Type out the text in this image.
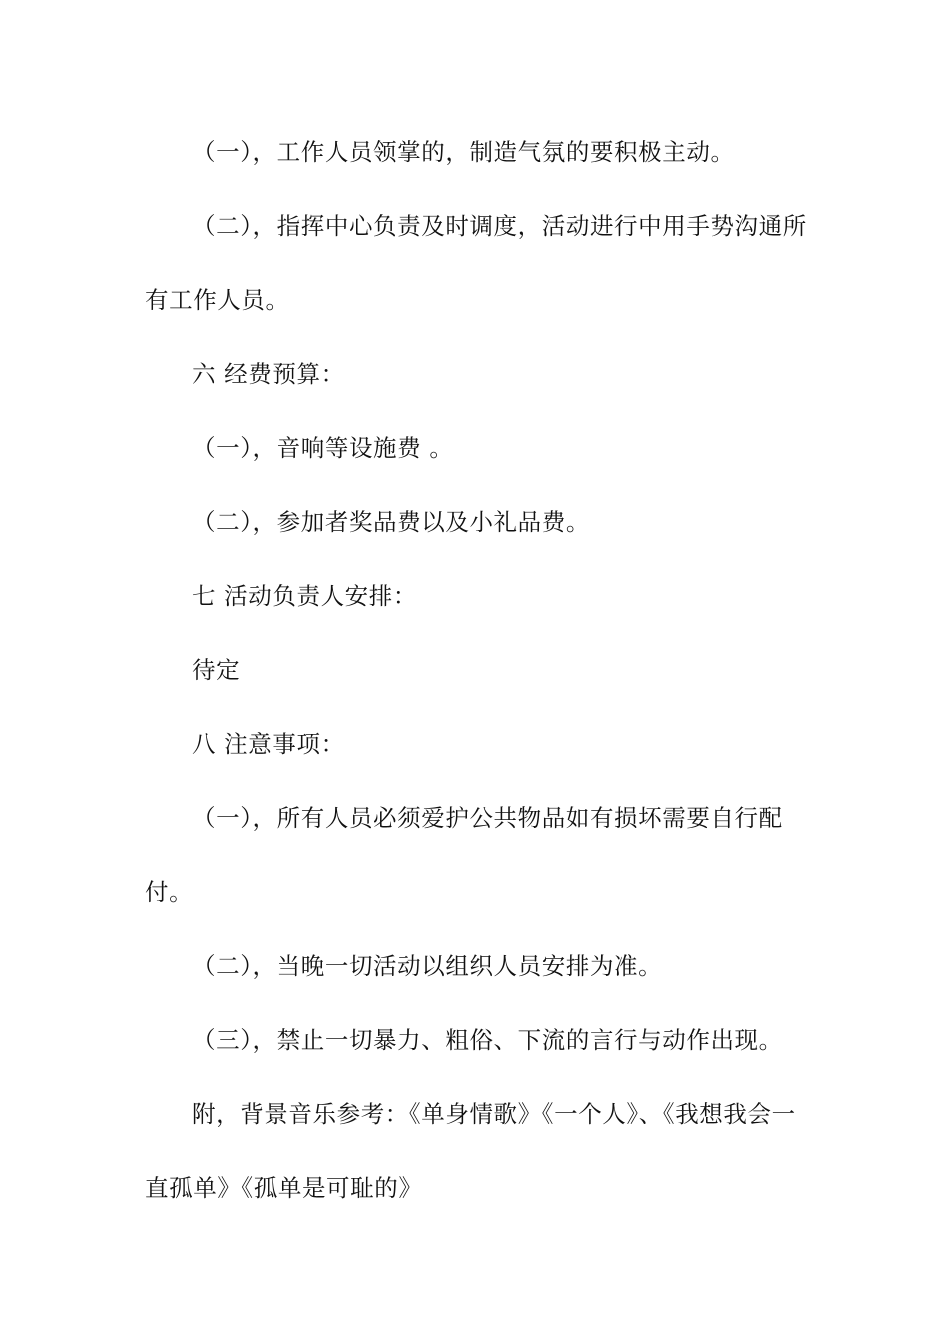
（一），工作人员领掌的，制造气氛的要积极主动。

（二），指挥中心负责及时调度，活动进行中用手势沟通所有工作人员。

六 经费预算：

（一），音响等设施费 。

（二），参加者奖品费以及小礼品费。

七 活动负责人安排：

待定

八 注意事项：

（一），所有人员必须爱护公共物品如有损坏需要自行配付。

（二），当晚一切活动以组织人员安排为准。

（三），禁止一切暴力、粗俗、下流的言行与动作出现。

附，背景音乐参考：《单身情歌》《一个人》、《我想我会一直孤单》《孤单是可耻的》
